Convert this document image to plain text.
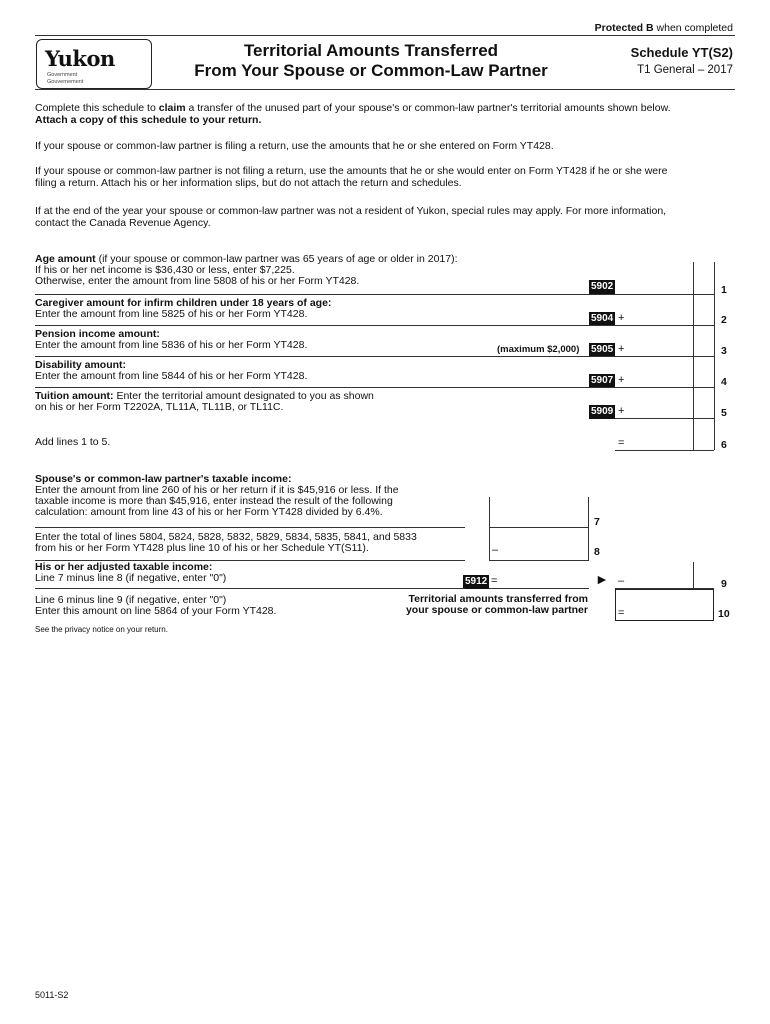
Protected B when completed
Yukon
Government
Gouvernement
Territorial Amounts Transferred
From Your Spouse or Common-Law Partner
Schedule YT(S2)
T1 General – 2017
Complete this schedule to claim a transfer of the unused part of your spouse's or common-law partner's territorial amounts shown below.
Attach a copy of this schedule to your return.
If your spouse or common-law partner is filing a return, use the amounts that he or she entered on Form YT428.
If your spouse or common-law partner is not filing a return, use the amounts that he or she would enter on Form YT428 if he or she were
filing a return. Attach his or her information slips, but do not attach the return and schedules.
If at the end of the year your spouse or common-law partner was not a resident of Yukon, special rules may apply. For more information,
contact the Canada Revenue Agency.
Age amount (if your spouse or common-law partner was 65 years of age or older in 2017):
If his or her net income is $36,430 or less, enter $7,225.
Otherwise, enter the amount from line 5808 of his or her Form YT428.	5902	1
Caregiver amount for infirm children under 18 years of age:
Enter the amount from line 5825 of his or her Form YT428.	5904 +	2
Pension income amount:
Enter the amount from line 5836 of his or her Form YT428.	(maximum $2,000) 5905 +	3
Disability amount:
Enter the amount from line 5844 of his or her Form YT428.	5907 +	4
Tuition amount: Enter the territorial amount designated to you as shown
on his or her Form T2202A, TL11A, TL11B, or TL11C.	5909 +	5
Add lines 1 to 5.	=	6
Spouse's or common-law partner's taxable income:
Enter the amount from line 260 of his or her return if it is $45,916 or less. If the
taxable income is more than $45,916, enter instead the result of the following
calculation: amount from line 43 of his or her Form YT428 divided by 6.4%.
7
Enter the total of lines 5804, 5824, 5828, 5832, 5829, 5834, 5835, 5841, and 5833
from his or her Form YT428 plus line 10 of his or her Schedule YT(S11).	–	8
His or her adjusted taxable income:
Line 7 minus line 8 (if negative, enter "0")	5912 =	► –	9
Line 6 minus line 9 (if negative, enter "0")
Enter this amount on line 5864 of your Form YT428.
Territorial amounts transferred from
your spouse or common-law partner	=	10
See the privacy notice on your return.
5011-S2
